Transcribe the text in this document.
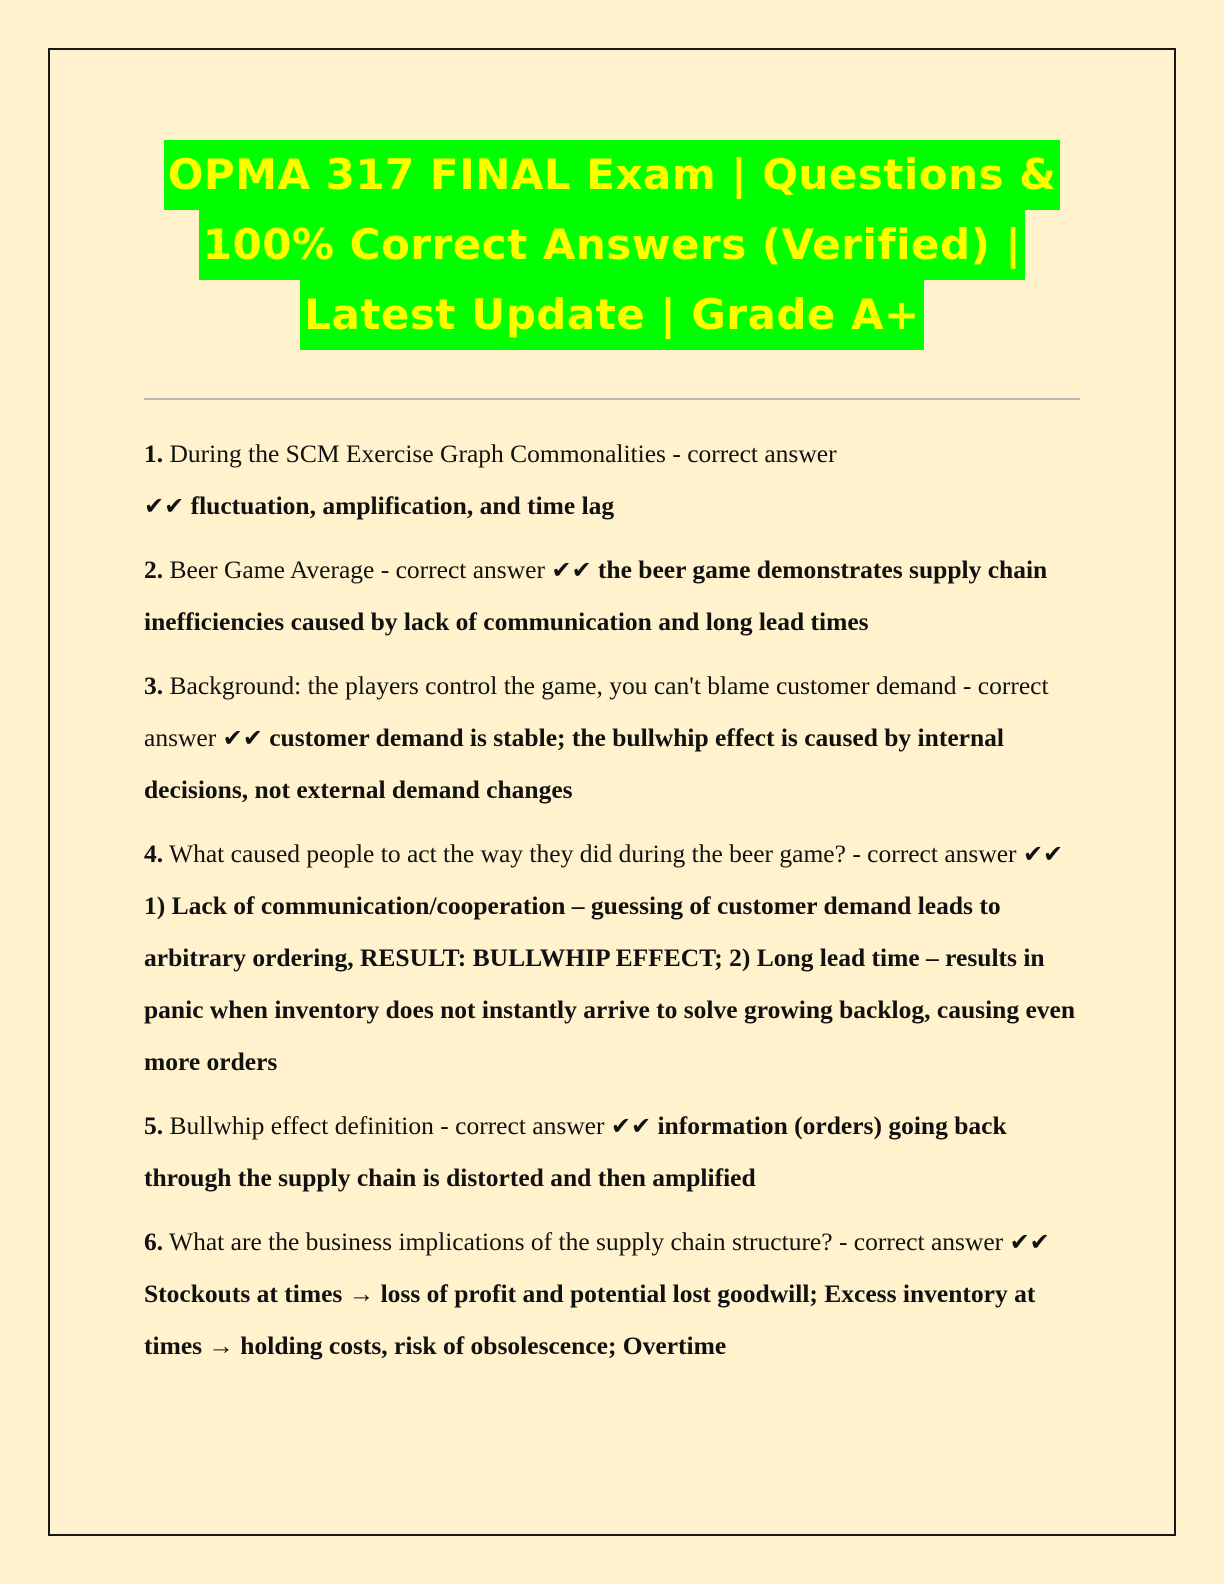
OPMA 317 FINAL Exam | Questions &
100% Correct Answers (Verified) |
Latest Update | Grade A+
1. During the SCM Exercise Graph Commonalities - correct answer
✔✔ fluctuation, amplification, and time lag
2. Beer Game Average - correct answer ✔✔ the beer game demonstrates supply chain inefficiencies caused by lack of communication and long lead times
3. Background: the players control the game, you can't blame customer demand - correct answer ✔✔ customer demand is stable; the bullwhip effect is caused by internal decisions, not external demand changes
4. What caused people to act the way they did during the beer game? - correct answer ✔✔ 1) Lack of communication/cooperation – guessing of customer demand leads to arbitrary ordering, RESULT: BULLWHIP EFFECT; 2) Long lead time – results in panic when inventory does not instantly arrive to solve growing backlog, causing even more orders
5. Bullwhip effect definition - correct answer ✔✔ information (orders) going back through the supply chain is distorted and then amplified
6. What are the business implications of the supply chain structure? - correct answer ✔✔ Stockouts at times → loss of profit and potential lost goodwill; Excess inventory at times → holding costs, risk of obsolescence; Overtime
